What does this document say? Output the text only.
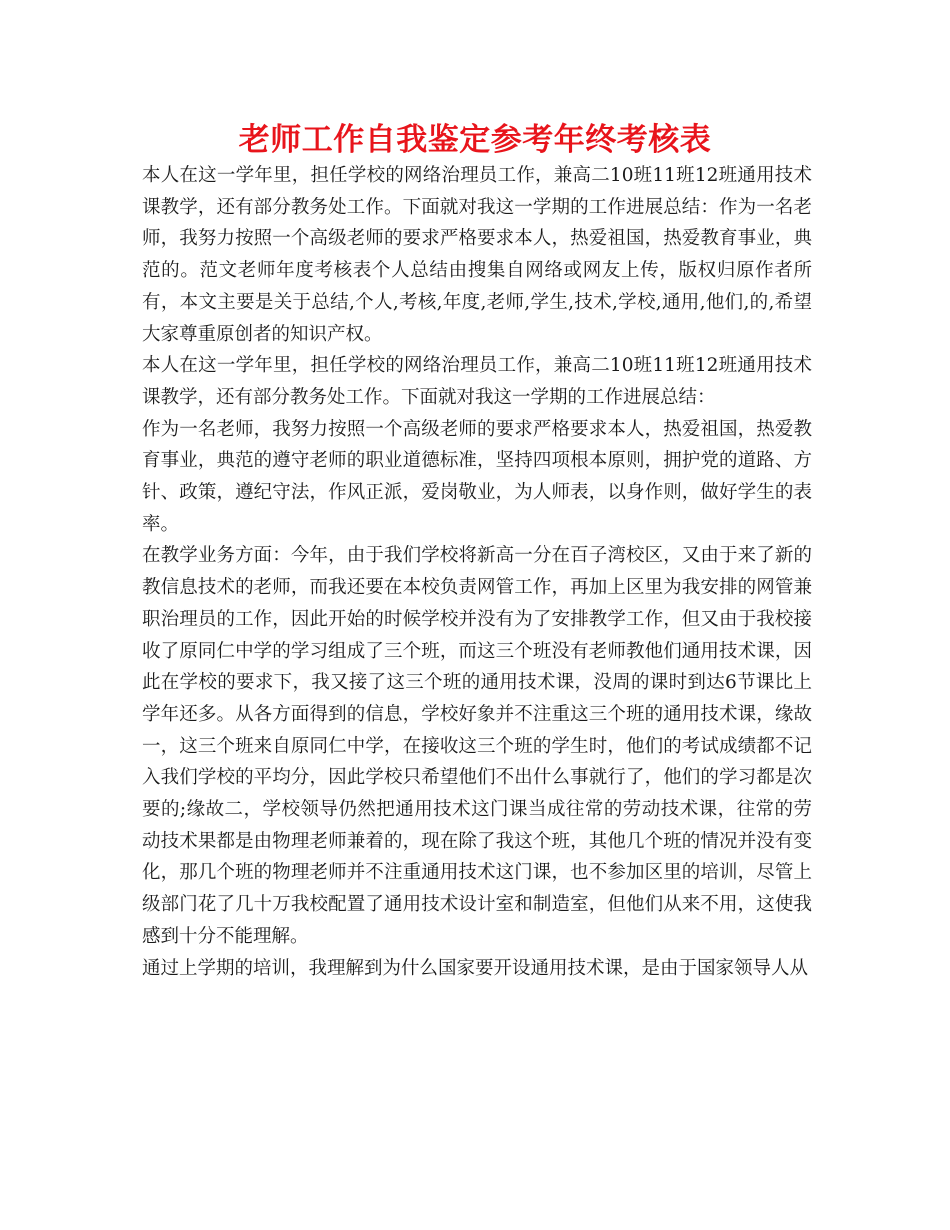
老师工作自我鉴定参考年终考核表

本人在这一学年里，担任学校的网络治理员工作，兼高二10班11班12班通用技术课教学，还有部分教务处工作。下面就对我这一学期的工作进展总结：作为一名老师，我努力按照一个高级老师的要求严格要求本人，热爱祖国，热爱教育事业，典范的。范文老师年度考核表个人总结由搜集自网络或网友上传，版权归原作者所有，本文主要是关于总结,个人,考核,年度,老师,学生,技术,学校,通用,他们,的,希望大家尊重原创者的知识产权。

本人在这一学年里，担任学校的网络治理员工作，兼高二10班11班12班通用技术课教学，还有部分教务处工作。下面就对我这一学期的工作进展总结：

作为一名老师，我努力按照一个高级老师的要求严格要求本人，热爱祖国，热爱教育事业，典范的遵守老师的职业道德标准，坚持四项根本原则，拥护党的道路、方针、政策，遵纪守法，作风正派，爱岗敬业，为人师表，以身作则，做好学生的表率。

在教学业务方面：今年，由于我们学校将新高一分在百子湾校区，又由于来了新的教信息技术的老师，而我还要在本校负责网管工作，再加上区里为我安排的网管兼职治理员的工作，因此开始的时候学校并没有为了安排教学工作，但又由于我校接收了原同仁中学的学习组成了三个班，而这三个班没有老师教他们通用技术课，因此在学校的要求下，我又接了这三个班的通用技术课，没周的课时到达6节课比上学年还多。从各方面得到的信息，学校好象并不注重这三个班的通用技术课，缘故一，这三个班来自原同仁中学，在接收这三个班的学生时，他们的考试成绩都不记入我们学校的平均分，因此学校只希望他们不出什么事就行了，他们的学习都是次要的;缘故二，学校领导仍然把通用技术这门课当成往常的劳动技术课，往常的劳动技术果都是由物理老师兼着的，现在除了我这个班，其他几个班的情况并没有变化，那几个班的物理老师并不注重通用技术这门课，也不参加区里的培训，尽管上级部门花了几十万我校配置了通用技术设计室和制造室，但他们从来不用，这使我感到十分不能理解。

通过上学期的培训，我理解到为什么国家要开设通用技术课，是由于国家领导人从
